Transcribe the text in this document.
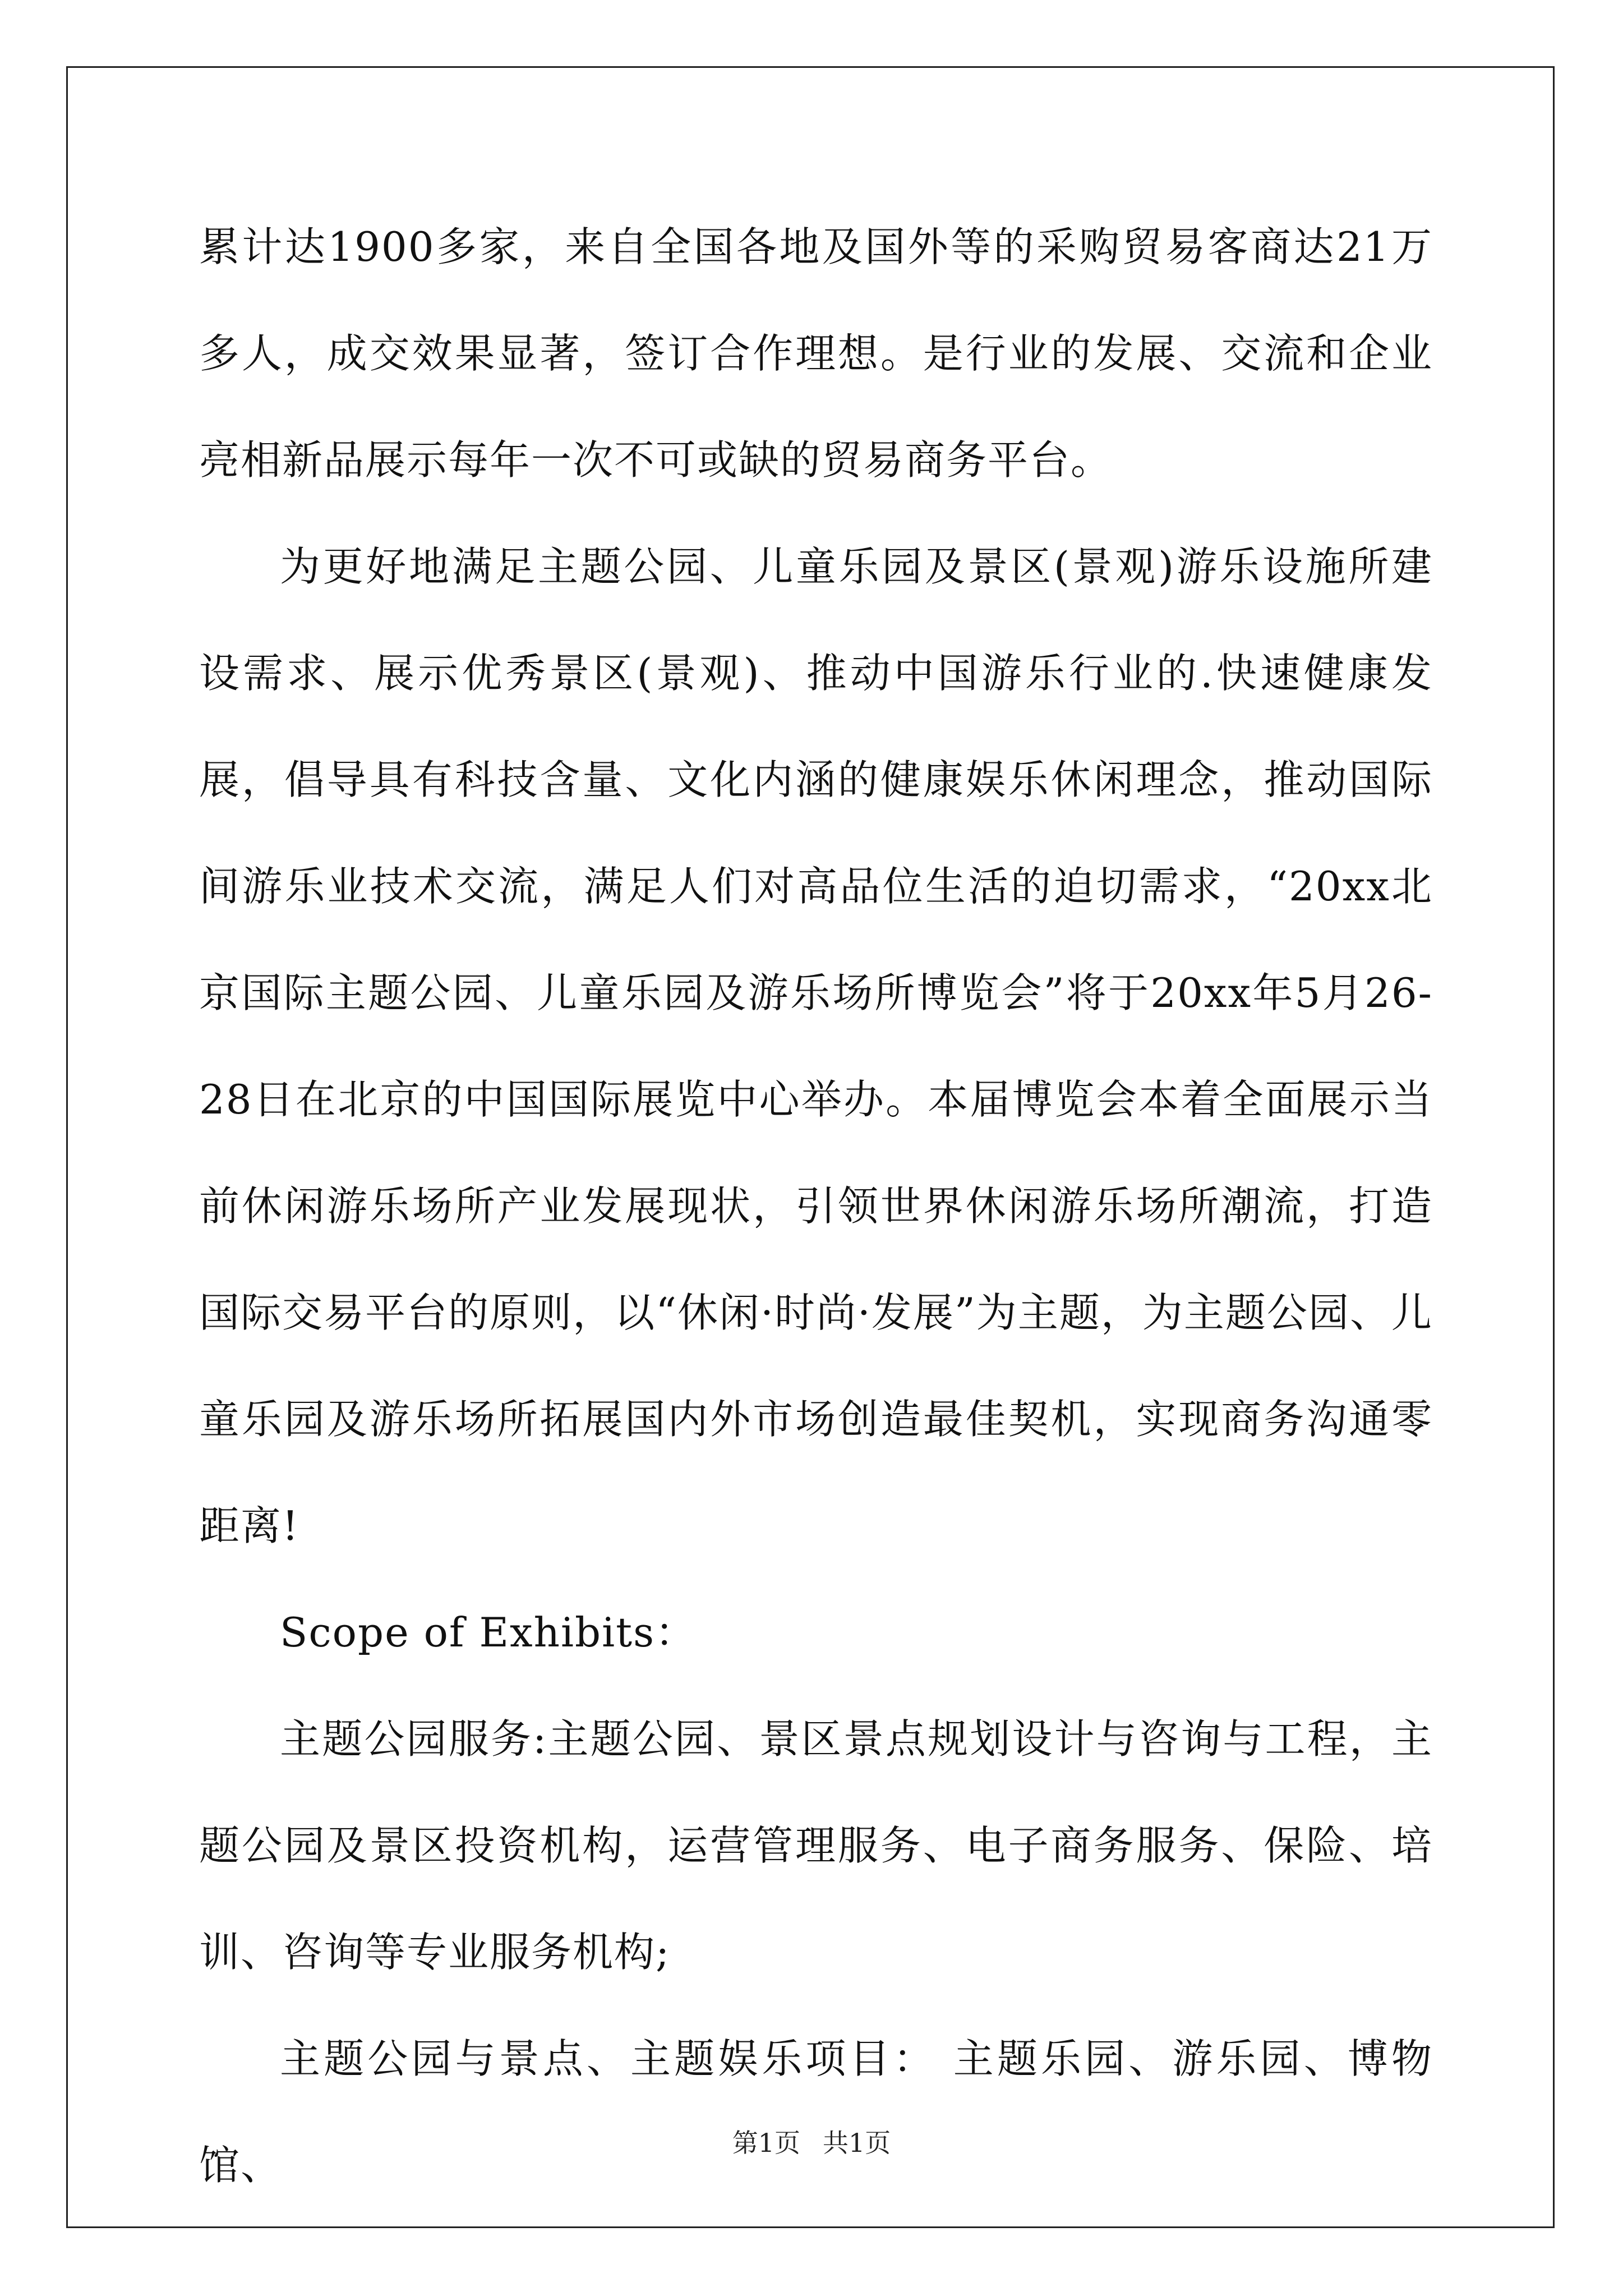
累计达1900多家，来自全国各地及国外等的采购贸易客商达21万多人，成交效果显著，签订合作理想。是行业的发展、交流和企业亮相新品展示每年一次不可或缺的贸易商务平台。

为更好地满足主题公园、儿童乐园及景区(景观)游乐设施所建设需求、展示优秀景区(景观)、推动中国游乐行业的.快速健康发展，倡导具有科技含量、文化内涵的健康娱乐休闲理念，推动国际间游乐业技术交流，满足人们对高品位生活的迫切需求，“20xx北京国际主题公园、儿童乐园及游乐场所博览会”将于20xx年5月26-28日在北京的中国国际展览中心举办。本届博览会本着全面展示当前休闲游乐场所产业发展现状，引领世界休闲游乐场所潮流，打造国际交易平台的原则，以“休闲·时尚·发展”为主题，为主题公园、儿童乐园及游乐场所拓展国内外市场创造最佳契机，实现商务沟通零距离!

Scope of Exhibits：

主题公园服务:主题公园、景区景点规划设计与咨询与工程，主题公园及景区投资机构，运营管理服务、电子商务服务、保险、培训、咨询等专业服务机构;

主题公园与景点、主题娱乐项目： 主题乐园、游乐园、博物馆、	第1页 共1页
